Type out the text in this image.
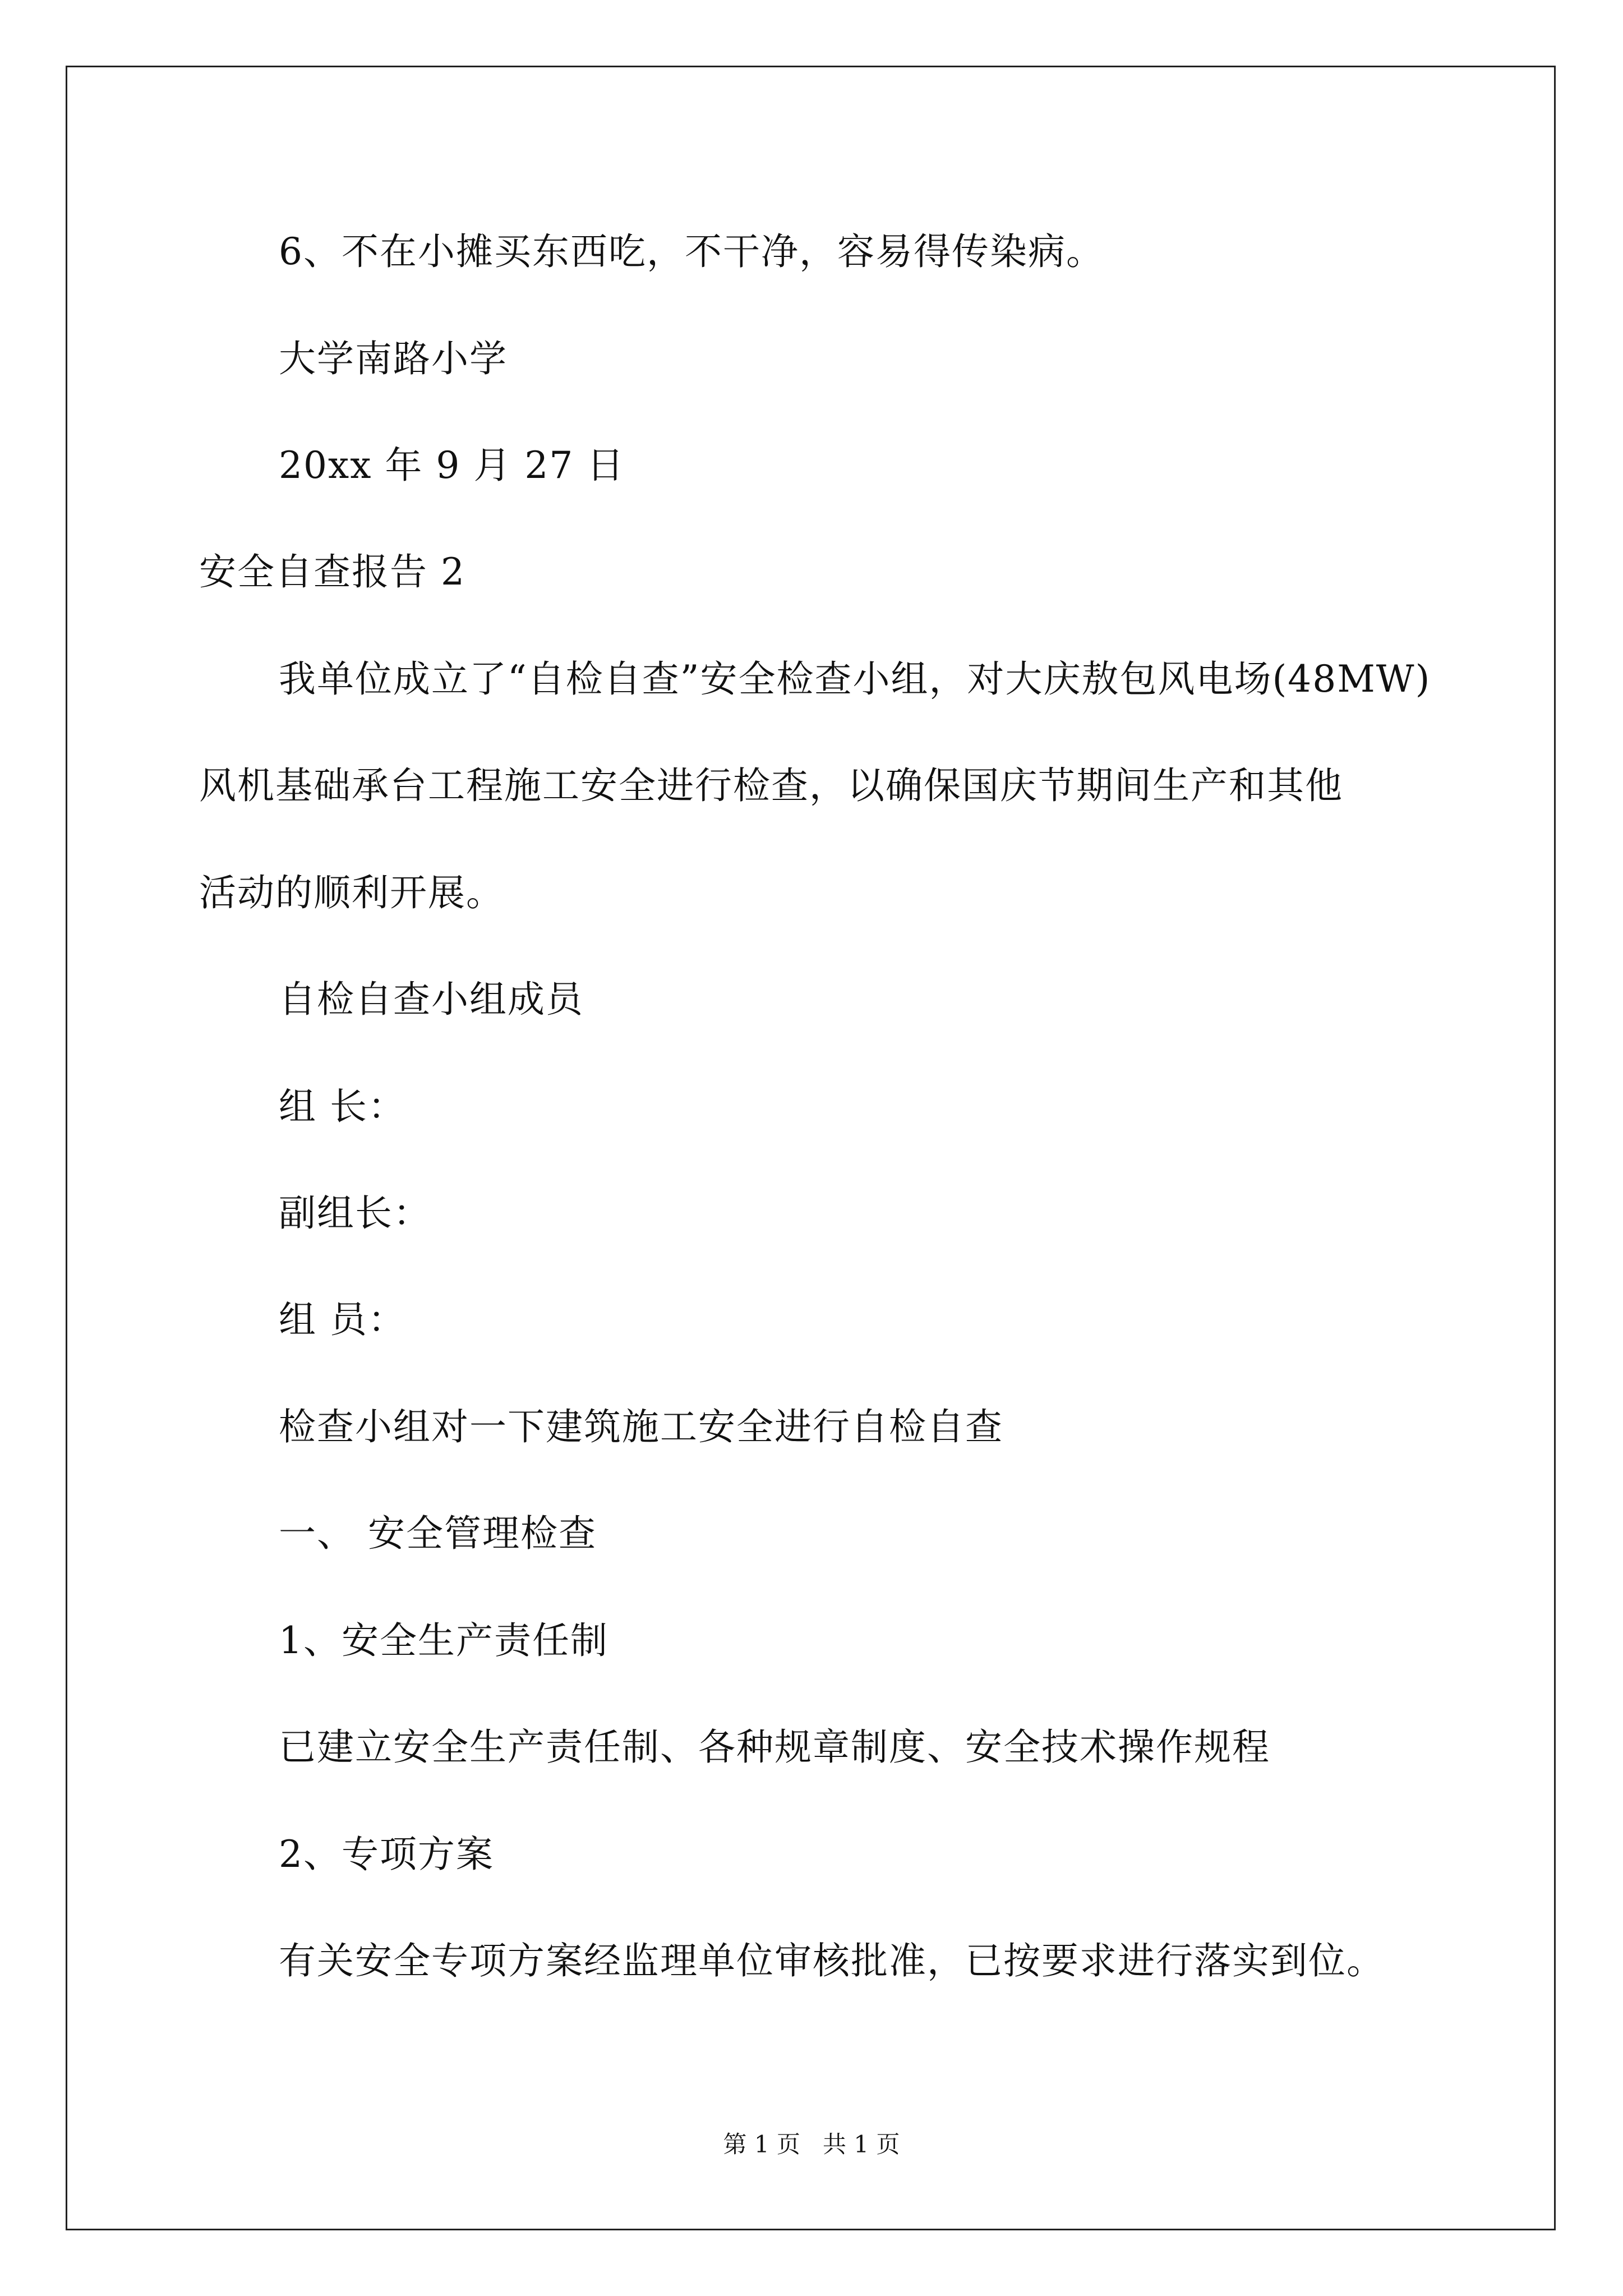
6、不在小摊买东西吃，不干净，容易得传染病。
大学南路小学
20xx 年 9 月 27 日
安全自查报告 2
我单位成立了“自检自查”安全检查小组，对大庆敖包风电场(48MW)
风机基础承台工程施工安全进行检查，以确保国庆节期间生产和其他
活动的顺利开展。
自检自查小组成员
组 长：
副组长：
组 员：
检查小组对一下建筑施工安全进行自检自查
一、 安全管理检查
1、安全生产责任制
已建立安全生产责任制、各种规章制度、安全技术操作规程
2、专项方案
有关安全专项方案经监理单位审核批准，已按要求进行落实到位。
第 1 页   共 1 页
